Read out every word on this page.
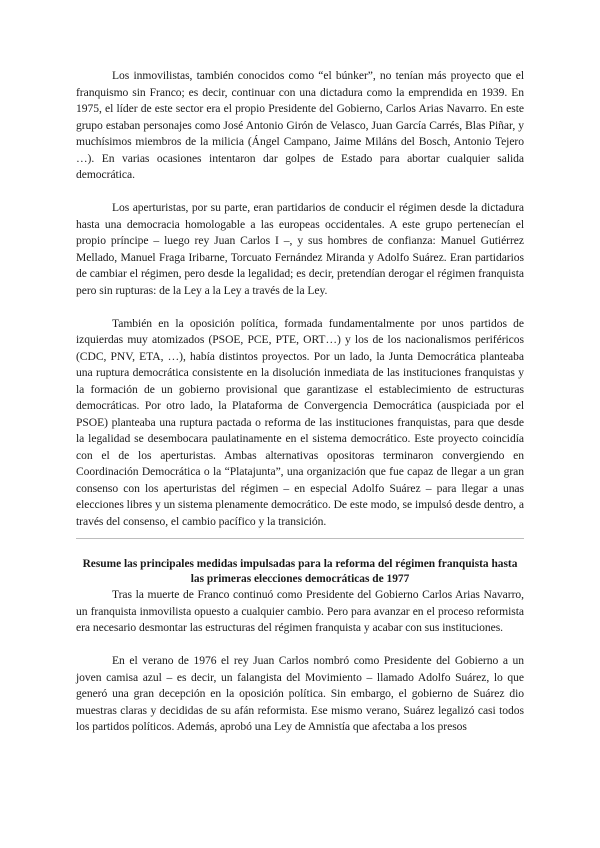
Los inmovilistas, también conocidos como “el búnker”, no tenían más proyecto que el franquismo sin Franco; es decir, continuar con una dictadura como la emprendida en 1939. En 1975, el líder de este sector era el propio Presidente del Gobierno, Carlos Arias Navarro. En este grupo estaban personajes como José Antonio Girón de Velasco, Juan García Carrés, Blas Piñar, y muchísimos miembros de la milicia (Ángel Campano, Jaime Miláns del Bosch, Antonio Tejero …). En varias ocasiones intentaron dar golpes de Estado para abortar cualquier salida democrática.

Los aperturistas, por su parte, eran partidarios de conducir el régimen desde la dictadura hasta una democracia homologable a las europeas occidentales. A este grupo pertenecían el propio príncipe – luego rey Juan Carlos I –, y sus hombres de confianza: Manuel Gutiérrez Mellado, Manuel Fraga Iribarne, Torcuato Fernández Miranda y Adolfo Suárez. Eran partidarios de cambiar el régimen, pero desde la legalidad; es decir, pretendían derogar el régimen franquista pero sin rupturas: de la Ley a la Ley a través de la Ley.

También en la oposición política, formada fundamentalmente por unos partidos de izquierdas muy atomizados (PSOE, PCE, PTE, ORT…) y los de los nacionalismos periféricos (CDC, PNV, ETA, …), había distintos proyectos. Por un lado, la Junta Democrática planteaba una ruptura democrática consistente en la disolución inmediata de las instituciones franquistas y la formación de un gobierno provisional que garantizase el establecimiento de estructuras democráticas. Por otro lado, la Plataforma de Convergencia Democrática (auspiciada por el PSOE) planteaba una ruptura pactada o reforma de las instituciones franquistas, para que desde la legalidad se desembocara paulatinamente en el sistema democrático. Este proyecto coincidía con el de los aperturistas. Ambas alternativas opositoras terminaron convergiendo en Coordinación Democrática o la “Platajunta”, una organización que fue capaz de llegar a un gran consenso con los aperturistas del régimen – en especial Adolfo Suárez – para llegar a unas elecciones libres y un sistema plenamente democrático. De este modo, se impulsó desde dentro, a través del consenso, el cambio pacífico y la transición.

Resume las principales medidas impulsadas para la reforma del régimen franquista hasta las primeras elecciones democráticas de 1977

Tras la muerte de Franco continuó como Presidente del Gobierno Carlos Arias Navarro, un franquista inmovilista opuesto a cualquier cambio. Pero para avanzar en el proceso reformista era necesario desmontar las estructuras del régimen franquista y acabar con sus instituciones.

En el verano de 1976 el rey Juan Carlos nombró como Presidente del Gobierno a un joven camisa azul – es decir, un falangista del Movimiento – llamado Adolfo Suárez, lo que generó una gran decepción en la oposición política. Sin embargo, el gobierno de Suárez dio muestras claras y decididas de su afán reformista. Ese mismo verano, Suárez legalizó casi todos los partidos políticos. Además, aprobó una Ley de Amnistía que afectaba a los presos
